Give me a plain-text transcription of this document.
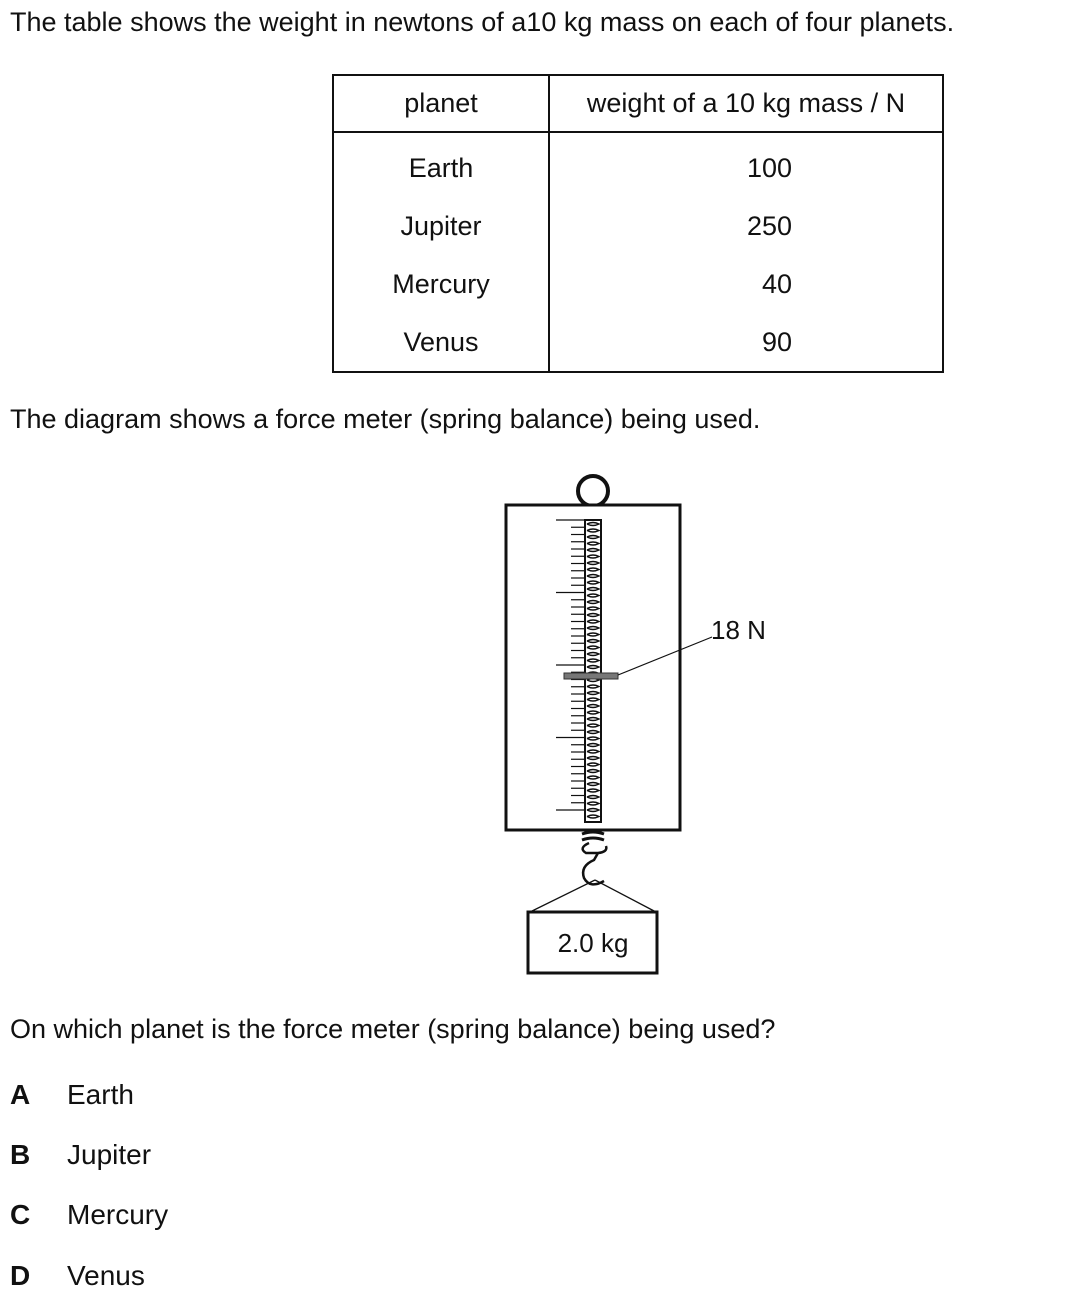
The table shows the weight in newtons of a10 kg mass on each of four planets.
planet	weight of a 10 kg mass / N
Earth	100
Jupiter	250
Mercury	40
Venus	90
The diagram shows a force meter (spring balance) being used.
18 N
2.0 kg
On which planet is the force meter (spring balance) being used?
A Earth
B Jupiter
C Mercury
D Venus
